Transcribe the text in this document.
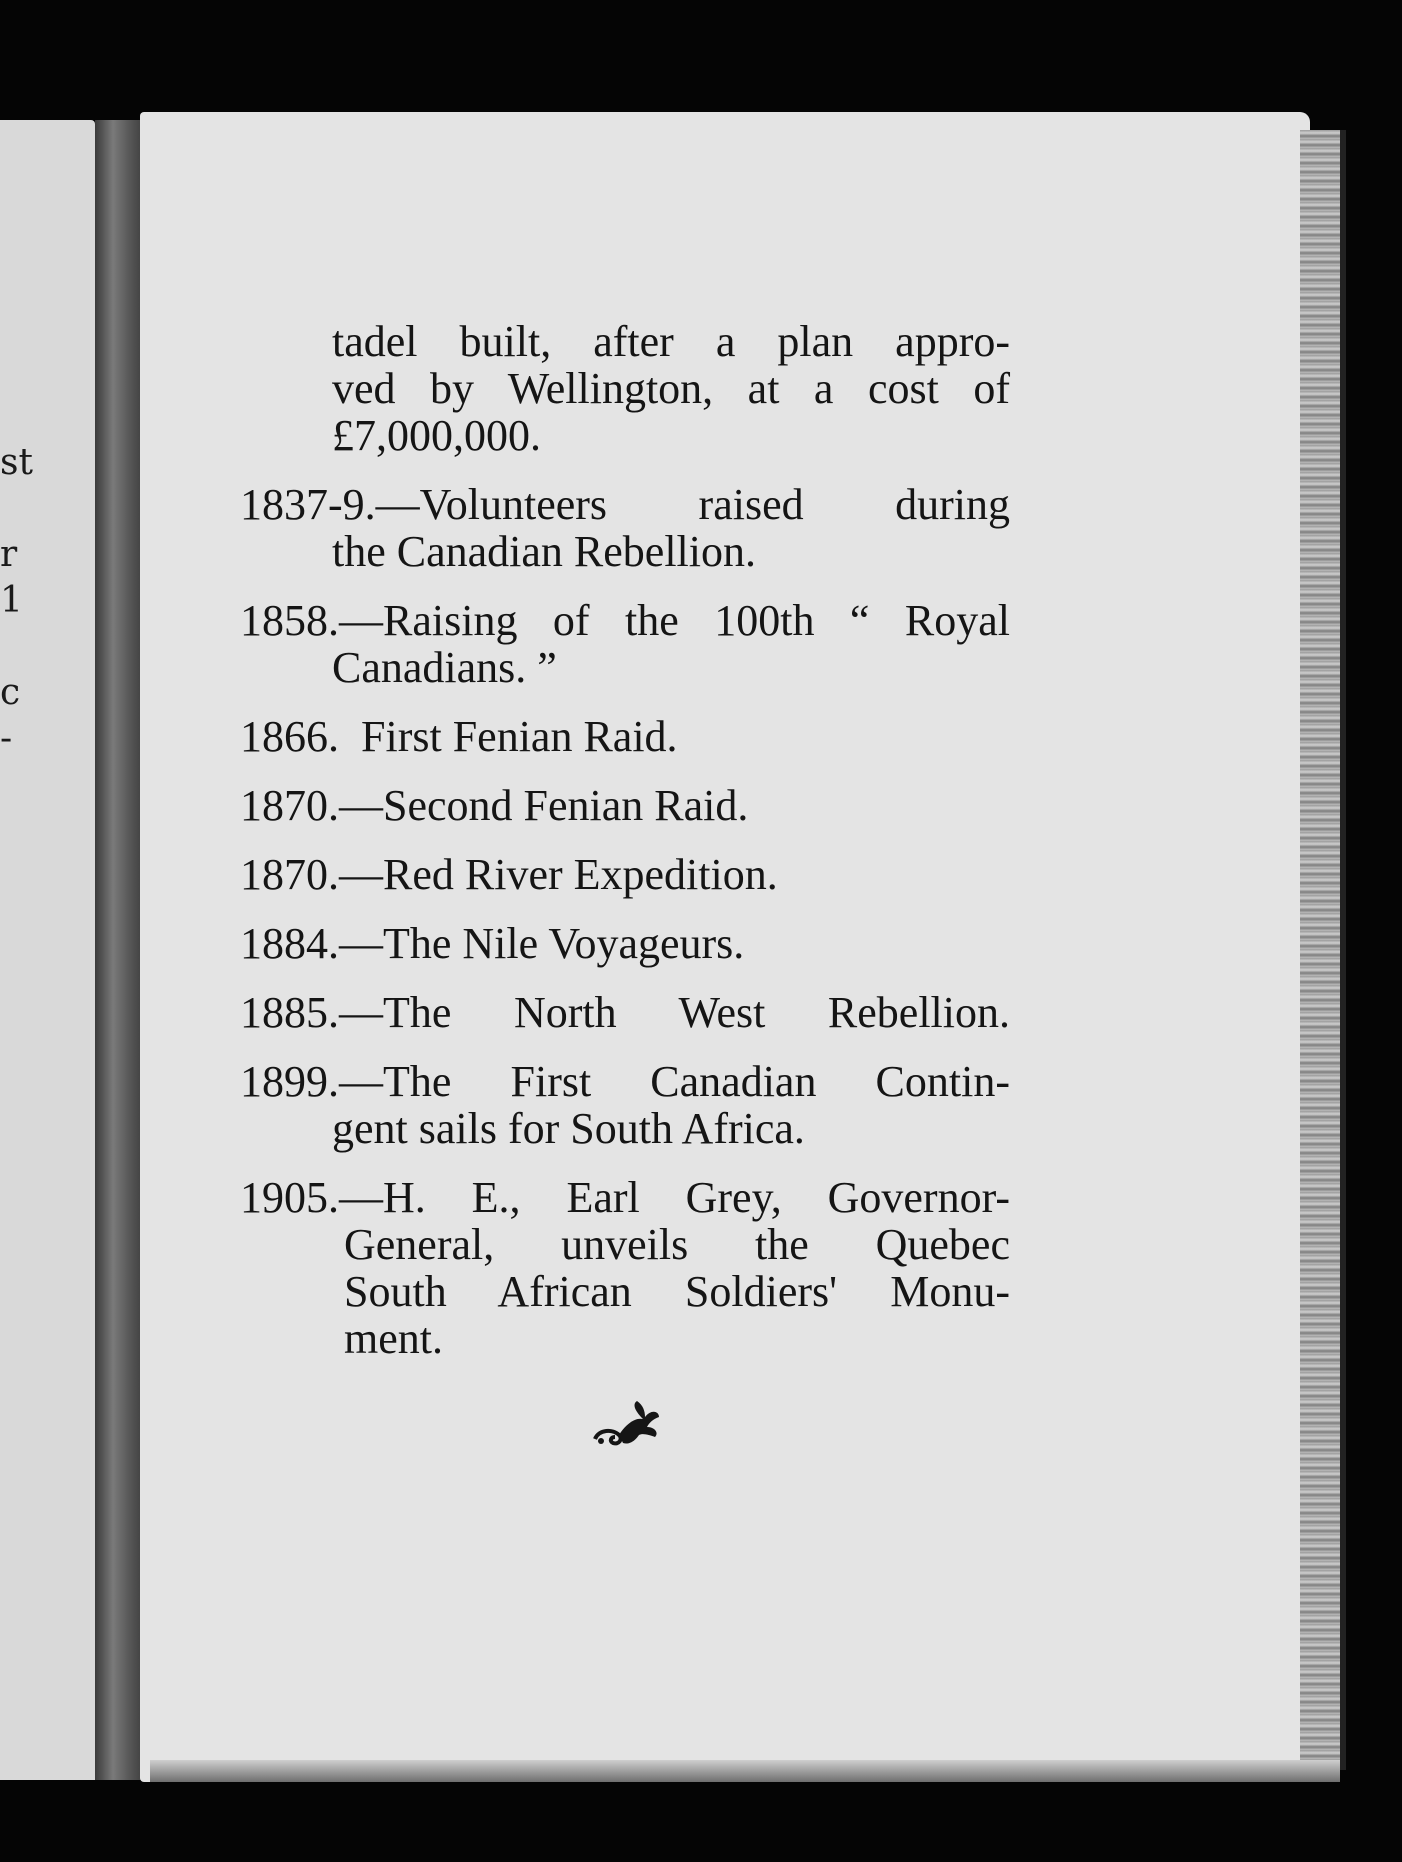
st
r
1
c
-
tadel built, after a plan appro-
ved by Wellington, at a cost of
£7,000,000.
1837-9.—Volunteers raised during
the Canadian Rebellion.
1858.—Raising of the 100th “ Royal
Canadians. ”
1866.  First Fenian Raid.
1870.—Second Fenian Raid.
1870.—Red River Expedition.
1884.—The Nile Voyageurs.
1885.—The North West Rebellion.
1899.—The First Canadian Contin-
gent sails for South Africa.
1905.—H. E., Earl Grey, Governor-
General, unveils the Quebec
South African Soldiers' Monu-
ment.
